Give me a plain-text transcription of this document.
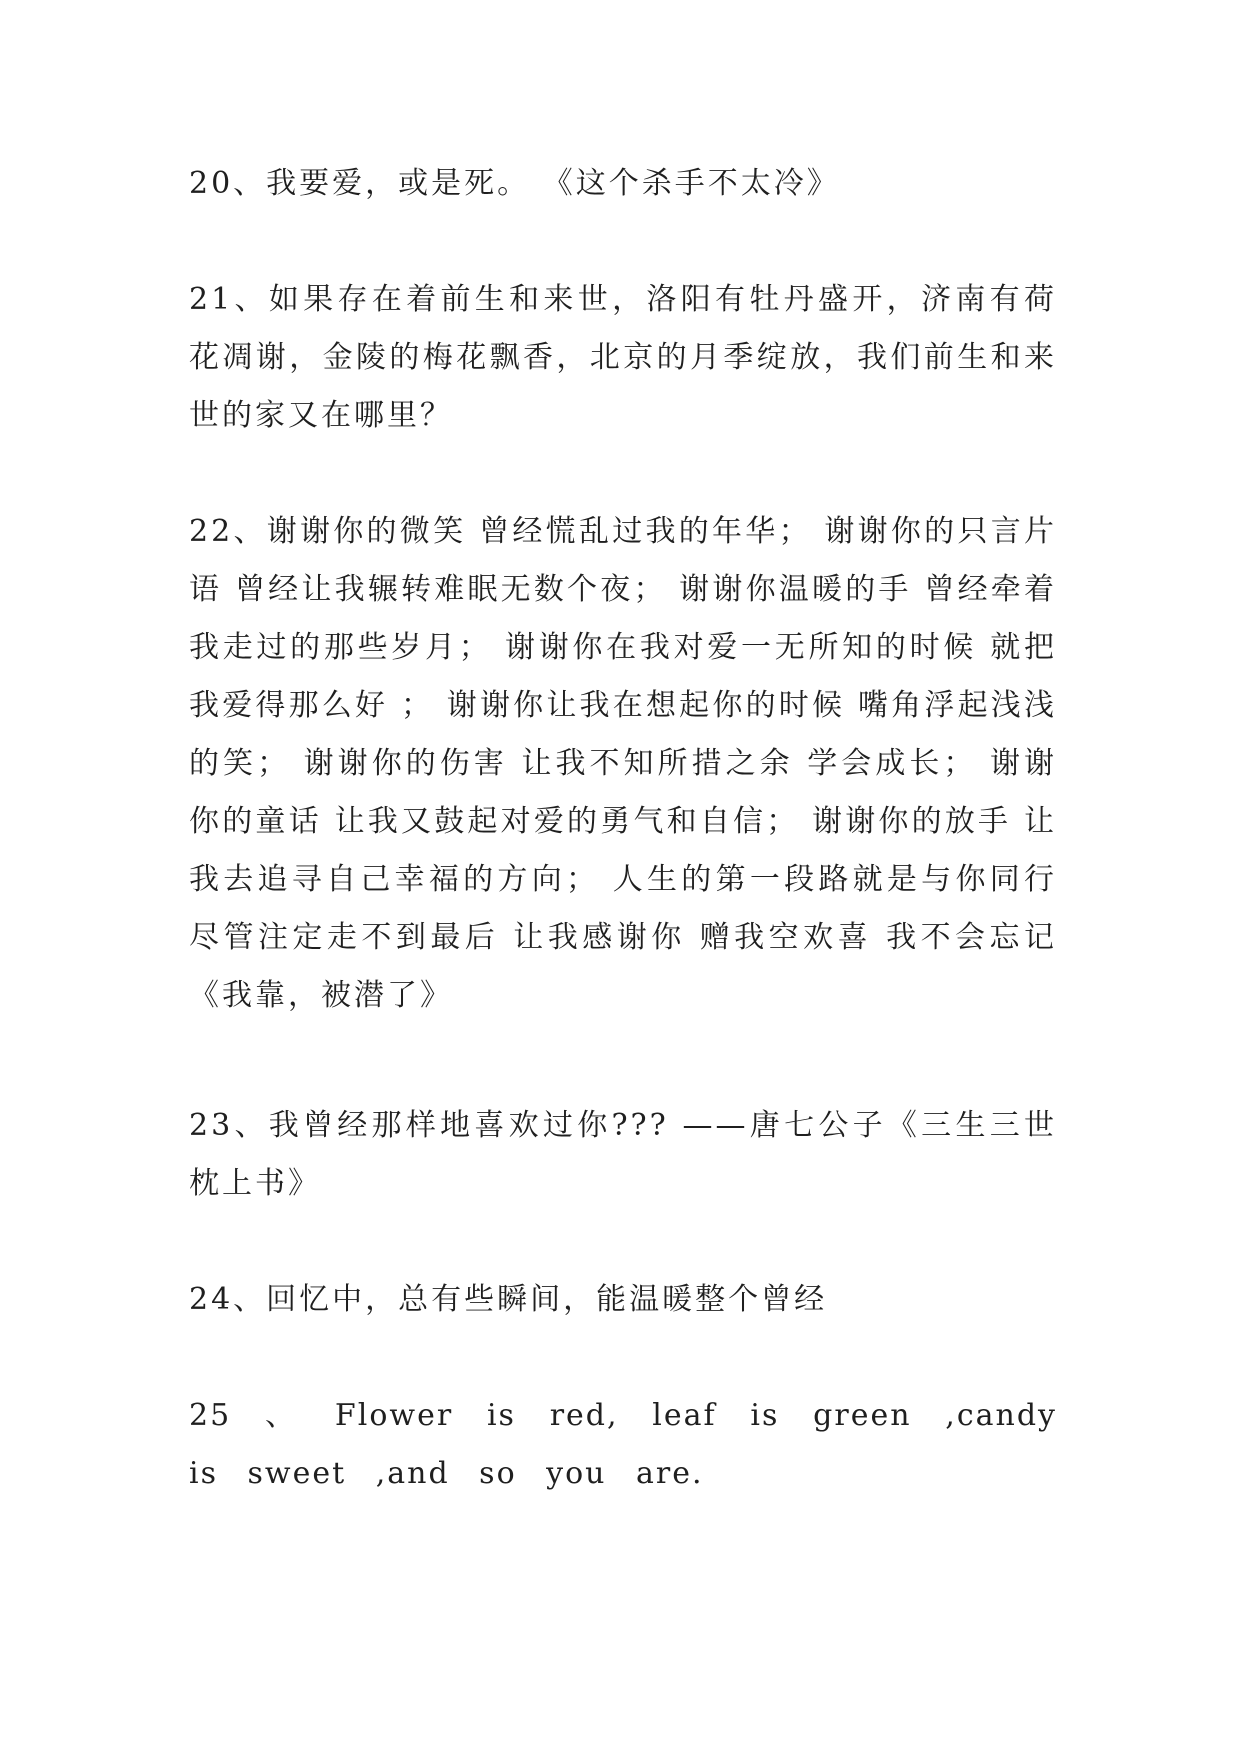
20、我要爱，或是死。 《这个杀手不太冷》

21、如果存在着前生和来世，洛阳有牡丹盛开，济南有荷花凋谢，金陵的梅花飘香，北京的月季绽放，我们前生和来世的家又在哪里？

22、谢谢你的微笑 曾经慌乱过我的年华； 谢谢你的只言片语 曾经让我辗转难眠无数个夜； 谢谢你温暖的手 曾经牵着我走过的那些岁月； 谢谢你在我对爱一无所知的时候 就把我爱得那么好 ； 谢谢你让我在想起你的时候 嘴角浮起浅浅的笑； 谢谢你的伤害 让我不知所措之余 学会成长； 谢谢你的童话 让我又鼓起对爱的勇气和自信； 谢谢你的放手 让我去追寻自己幸福的方向； 人生的第一段路就是与你同行 尽管注定走不到最后 让我感谢你 赠我空欢喜 我不会忘记 《我靠，被潜了》

23、我曾经那样地喜欢过你??? ——唐七公子《三生三世枕上书》

24、回忆中，总有些瞬间，能温暖整个曾经

25 、 Flower is red, leaf is green ,candy is sweet ,and so you are.
